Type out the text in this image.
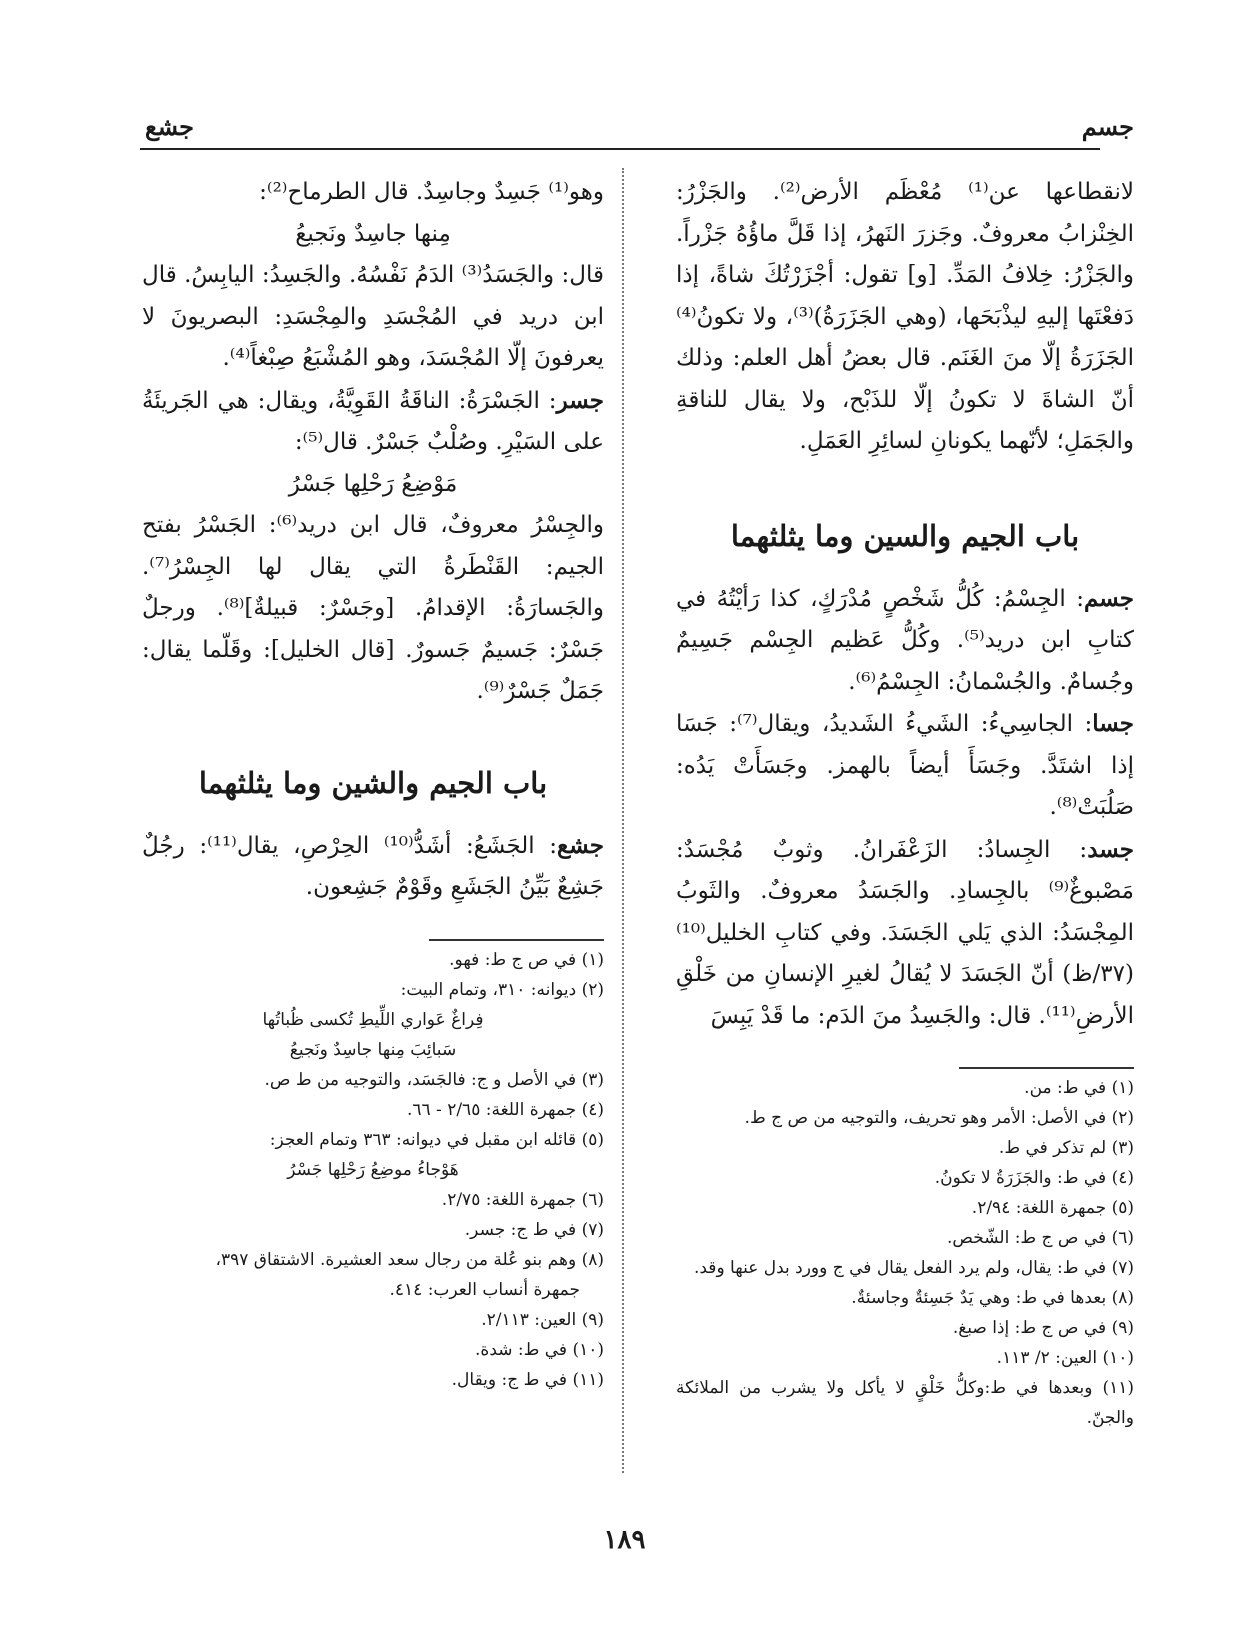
جسم
جشع

لانقطاعها عن⁽¹⁾ مُعْظَم الأرض⁽²⁾. والجَزْرُ: الخِنْزابُ معروفٌ. وجَزرَ النَهرُ، إذا قَلَّ ماؤُهُ جَزْراً. والجَزْرُ: خِلافُ المَدِّ. [و] تقول: أجْزَرْتُكَ شاةً، إذا دَفعْتَها إليهِ ليذْبَحَها، (وهي الجَزَرَةُ)⁽³⁾، ولا تكونُ⁽⁴⁾ الجَزَرَةُ إلّا منَ الغَنَم. قال بعضُ أهل العلم: وذلك أنّ الشاةَ لا تكونُ إلّا للذَبْح، ولا يقال للناقةِ والجَمَلِ؛ لأنّهما يكونانِ لسائِرِ العَمَلِ.

باب الجيم والسين وما يثلثهما

جسم: الجِسْمُ: كُلُّ شَخْصٍ مُدْرَكٍ، كذا رَأيْتُهُ في كتابِ ابن دريد⁽⁵⁾. وكُلُّ عَظيم الجِسْم جَسِيمٌ وجُسامٌ. والجُسْمانُ: الجِسْمُ⁽⁶⁾.

جسا: الجاسِيءُ: الشَيءُ الشَديدُ، ويقال⁽⁷⁾: جَسَا إذا اشتَدَّ. وجَسَأَ أيضاً بالهمز. وجَسَأَتْ يَدُه: صَلُبَتْ⁽⁸⁾.

جسد: الجِسادُ: الزَعْفَرانُ. وثوبٌ مُجْسَدٌ: مَصْبوغٌ⁽⁹⁾ بالجِسادِ. والجَسَدُ معروفٌ. والثَوبُ المِجْسَدُ: الذي يَلي الجَسَدَ. وفي كتابِ الخليل⁽¹⁰⁾(٣٧/ظ) أنّ الجَسَدَ لا يُقالُ لغيرِ الإنسانِ من خَلْقِ الأرضِ⁽¹¹⁾. قال: والجَسِدُ منَ الدَم: ما قَدْ يَبِسَ

(١) في ط: من.

(٢) في الأصل: الأمر وهو تحريف، والتوجيه من ص ج ط.

(٣) لم تذكر في ط.

(٤) في ط: والجَزَرَةُ لا تكونُ.

(٥) جمهرة اللغة: ٢/٩٤.

(٦) في ص ج ط: الشّخص.

(٧) في ط: يقال، ولم يرد الفعل يقال في ج وورد بدل عنها وقد.

(٨) بعدها في ط: وهي يَدٌ جَسِئةٌ وجاسئةٌ.

(٩) في ص ج ط: إذا صبغ.

(١٠) العين: ٢/ ١١٣.

(١١) وبعدها في ط:وكلُّ خَلْقٍ لا يأكل ولا يشرب من الملائكة والجنّ.

وهو⁽¹⁾ جَسِدٌ وجاسِدٌ. قال الطرماح⁽²⁾:

مِنها جاسِدٌ ونَجيعُ

قال: والجَسَدُ⁽³⁾ الدَمُ نَفْسُهُ. والجَسِدُ: اليابِسُ. قال ابن دريد في المُجْسَدِ والمِجْسَدِ: البصريونَ لا يعرفونَ إلّا المُجْسَدَ، وهو المُشْبَعُ صِبْغاً⁽⁴⁾.

جسر: الجَسْرَةُ: الناقَةُ القَوِيَّةُ، ويقال: هي الجَريئَةُ على السَيْرِ. وصُلْبٌ جَسْرٌ. قال⁽⁵⁾:

مَوْضِعُ رَحْلِها جَسْرُ

والجِسْرُ معروفٌ، قال ابن دريد⁽⁶⁾: الجَسْرُ بفتح الجيم: القَنْطَرةُ التي يقال لها الجِسْرُ⁽⁷⁾. والجَسارَةُ: الإقدامُ. [وجَسْرٌ: قبيلةٌ]⁽⁸⁾. ورجلٌ جَسْرٌ: جَسيمٌ جَسورٌ. [قال الخليل]: وقَلّما يقال: جَمَلٌ جَسْرٌ⁽⁹⁾.

باب الجيم والشين وما يثلثهما

جشع: الجَشَعُ: أشَدُّ⁽¹⁰⁾ الحِرْصِ، يقال⁽¹¹⁾: رجُلٌ جَشِعٌ بَيِّنُ الجَشَعِ وقَوْمٌ جَشِعون.

(١) في ص ج ط: فهو.

(٢) ديوانه: ٣١٠، وتمام البيت:

فِراغٌ عَواري اللِّيطِ تُكسى ظُباتُها

سَبائِبَ مِنها جاسِدٌ ونَجيعُ

(٣) في الأصل و ج: فالجَسَد، والتوجيه من ط ص.

(٤) جمهرة اللغة: ٢/٦٥ - ٦٦.

(٥) قائله ابن مقبل في ديوانه: ٣٦٣ وتمام العجز:

هَوْجاءُ موضِعُ رَحْلِها جَسْرُ

(٦) جمهرة اللغة: ٢/٧٥.

(٧) في ط ج: جسر.

(٨) وهم بنو عُلة من رجال سعد العشيرة. الاشتقاق ٣٩٧،

جمهرة أنساب العرب: ٤١٤.

(٩) العين: ٢/١١٣.

(١٠) في ط: شدة.

(١١) في ط ج: ويقال.

١٨٩
